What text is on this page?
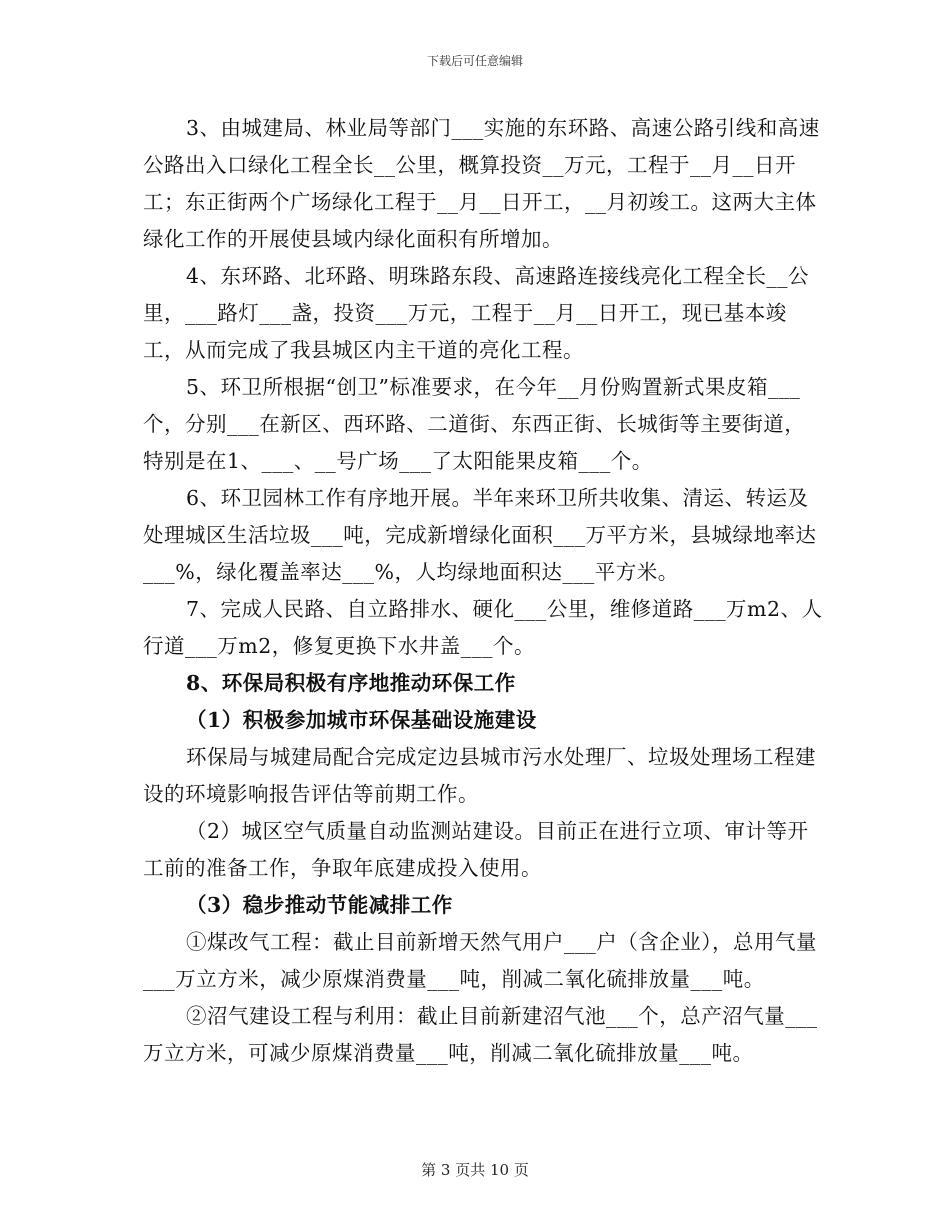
下载后可任意编辑

3、由城建局、林业局等部门___实施的东环路、高速公路引线和高速公路出入口绿化工程全长__公里，概算投资__万元，工程于__月__日开工；东正街两个广场绿化工程于__月__日开工，__月初竣工。这两大主体绿化工作的开展使县域内绿化面积有所增加。

4、东环路、北环路、明珠路东段、高速路连接线亮化工程全长__公里，___路灯___盏，投资___万元，工程于__月__日开工，现已基本竣工，从而完成了我县城区内主干道的亮化工程。

5、环卫所根据“创卫”标准要求，在今年__月份购置新式果皮箱___个，分别___在新区、西环路、二道街、东西正街、长城街等主要街道，特别是在1、___、__号广场___了太阳能果皮箱___个。

6、环卫园林工作有序地开展。半年来环卫所共收集、清运、转运及处理城区生活垃圾___吨，完成新增绿化面积___万平方米，县城绿地率达___%，绿化覆盖率达___%，人均绿地面积达___平方米。

7、完成人民路、自立路排水、硬化___公里，维修道路___万m2、人行道___万m2，修复更换下水井盖___个。

8、环保局积极有序地推动环保工作

（1）积极参加城市环保基础设施建设

环保局与城建局配合完成定边县城市污水处理厂、垃圾处理场工程建设的环境影响报告评估等前期工作。

（2）城区空气质量自动监测站建设。目前正在进行立项、审计等开工前的准备工作，争取年底建成投入使用。

（3）稳步推动节能减排工作

①煤改气工程：截止目前新增天然气用户___户（含企业），总用气量___万立方米，减少原煤消费量___吨，削减二氧化硫排放量___吨。

②沼气建设工程与利用：截止目前新建沼气池___个，总产沼气量___万立方米，可减少原煤消费量___吨，削减二氧化硫排放量___吨。

第 3 页共 10 页
